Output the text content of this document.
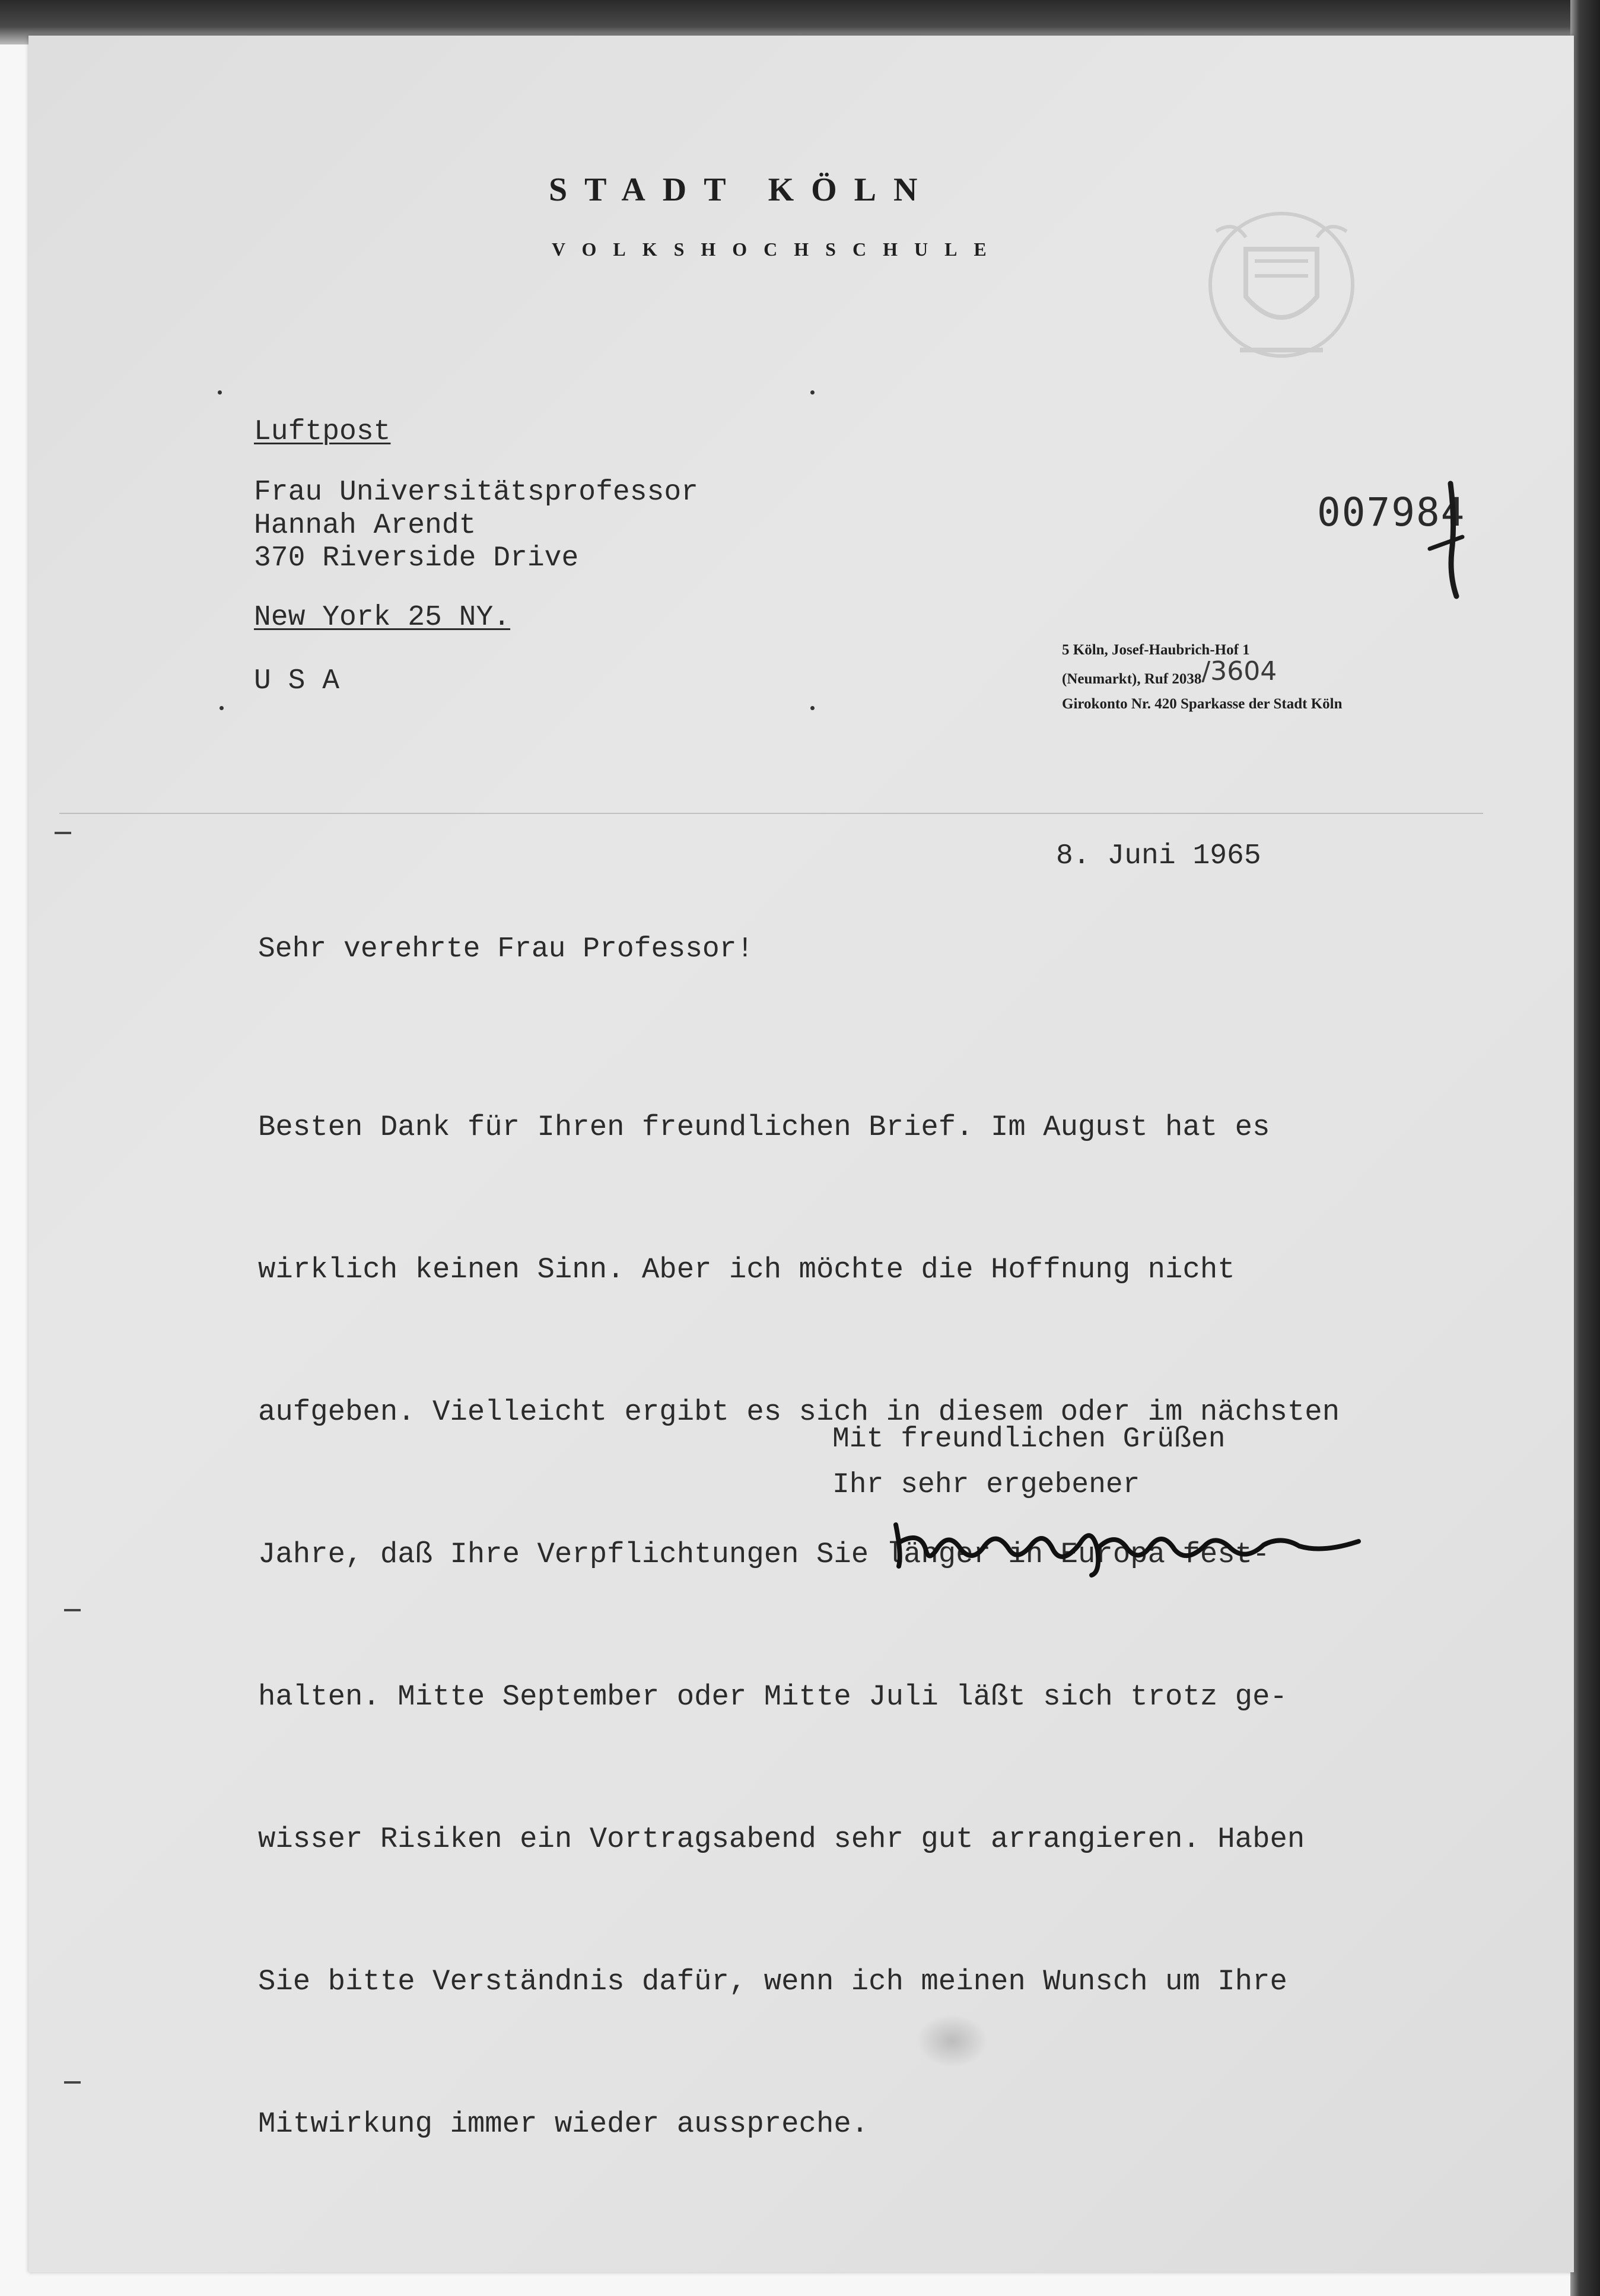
STADT KÖLN
VOLKSHOCHSCHULE
Luftpost
Frau Universitätsprofessor
Hannah Arendt
370 Riverside Drive
New York 25 NY.
U S A
007984
5 Köln, Josef-Haubrich-Hof 1
(Neumarkt), Ruf 2038/3604
Girokonto Nr. 420 Sparkasse der Stadt Köln
8. Juni 1965
Sehr verehrte Frau Professor!

Besten Dank für Ihren freundlichen Brief. Im August hat es

wirklich keinen Sinn. Aber ich möchte die Hoffnung nicht

aufgeben. Vielleicht ergibt es sich in diesem oder im nächsten

Jahre, daß Ihre Verpflichtungen Sie länger in Europa fest-

halten. Mitte September oder Mitte Juli läßt sich trotz ge-

wisser Risiken ein Vortragsabend sehr gut arrangieren. Haben

Sie bitte Verständnis dafür, wenn ich meinen Wunsch um Ihre

Mitwirkung immer wieder ausspreche.

Mit freundlichen Grüßen
Ihr sehr ergebener
